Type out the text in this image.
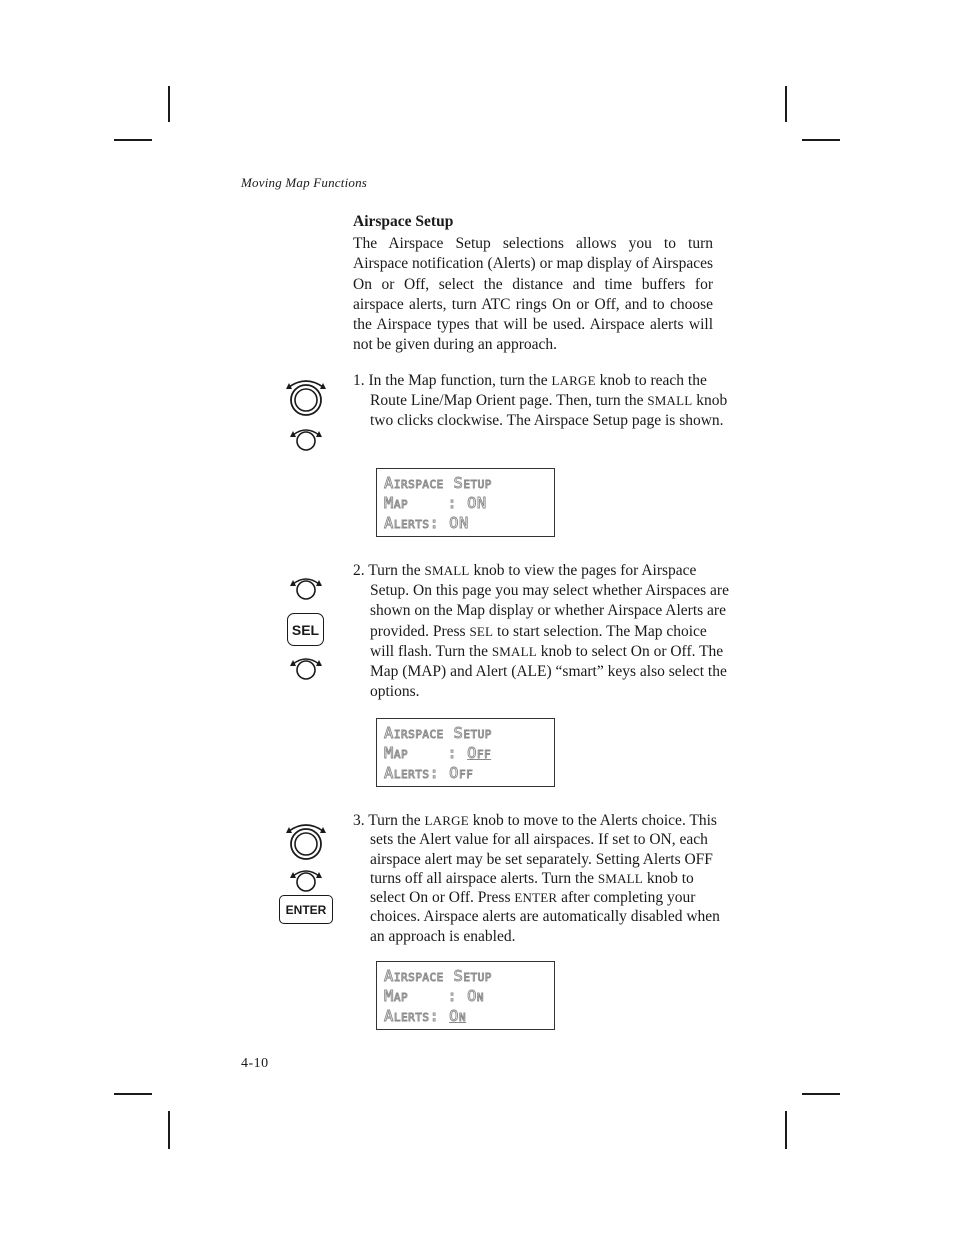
Moving Map Functions
Airspace Setup

The Airspace Setup selections allows you to turn Airspace notification (Alerts) or map display of Airspaces On or Off, select the distance and time buffers for airspace alerts, turn ATC rings On or Off, and to choose the Airspace types that will be used. Airspace alerts will not be given during an approach.

1. In the Map function, turn the LARGE knob to reach the Route Line/Map Orient page. Then, turn the SMALL knob two clicks clockwise. The Airspace Setup page is shown.

Airspace Setup
Map    : ON
Alerts: ON

2. Turn the SMALL knob to view the pages for Airspace Setup. On this page you may select whether Airspaces are shown on the Map display or whether Airspace Alerts are provided. Press SEL to start selection. The Map choice will flash. Turn the SMALL knob to select On or Off. The Map (MAP) and Alert (ALE) “smart” keys also select the options.

SEL
Airspace Setup
Map    : Off
Alerts: Off

3. Turn the LARGE knob to move to the Alerts choice. This sets the Alert value for all airspaces. If set to ON, each airspace alert may be set separately. Setting Alerts OFF turns off all airspace alerts. Turn the SMALL knob to select On or Off. Press ENTER after completing your choices. Airspace alerts are automatically disabled when an approach is enabled.

ENTER
Airspace Setup
Map    : On
Alerts: On
4-10
